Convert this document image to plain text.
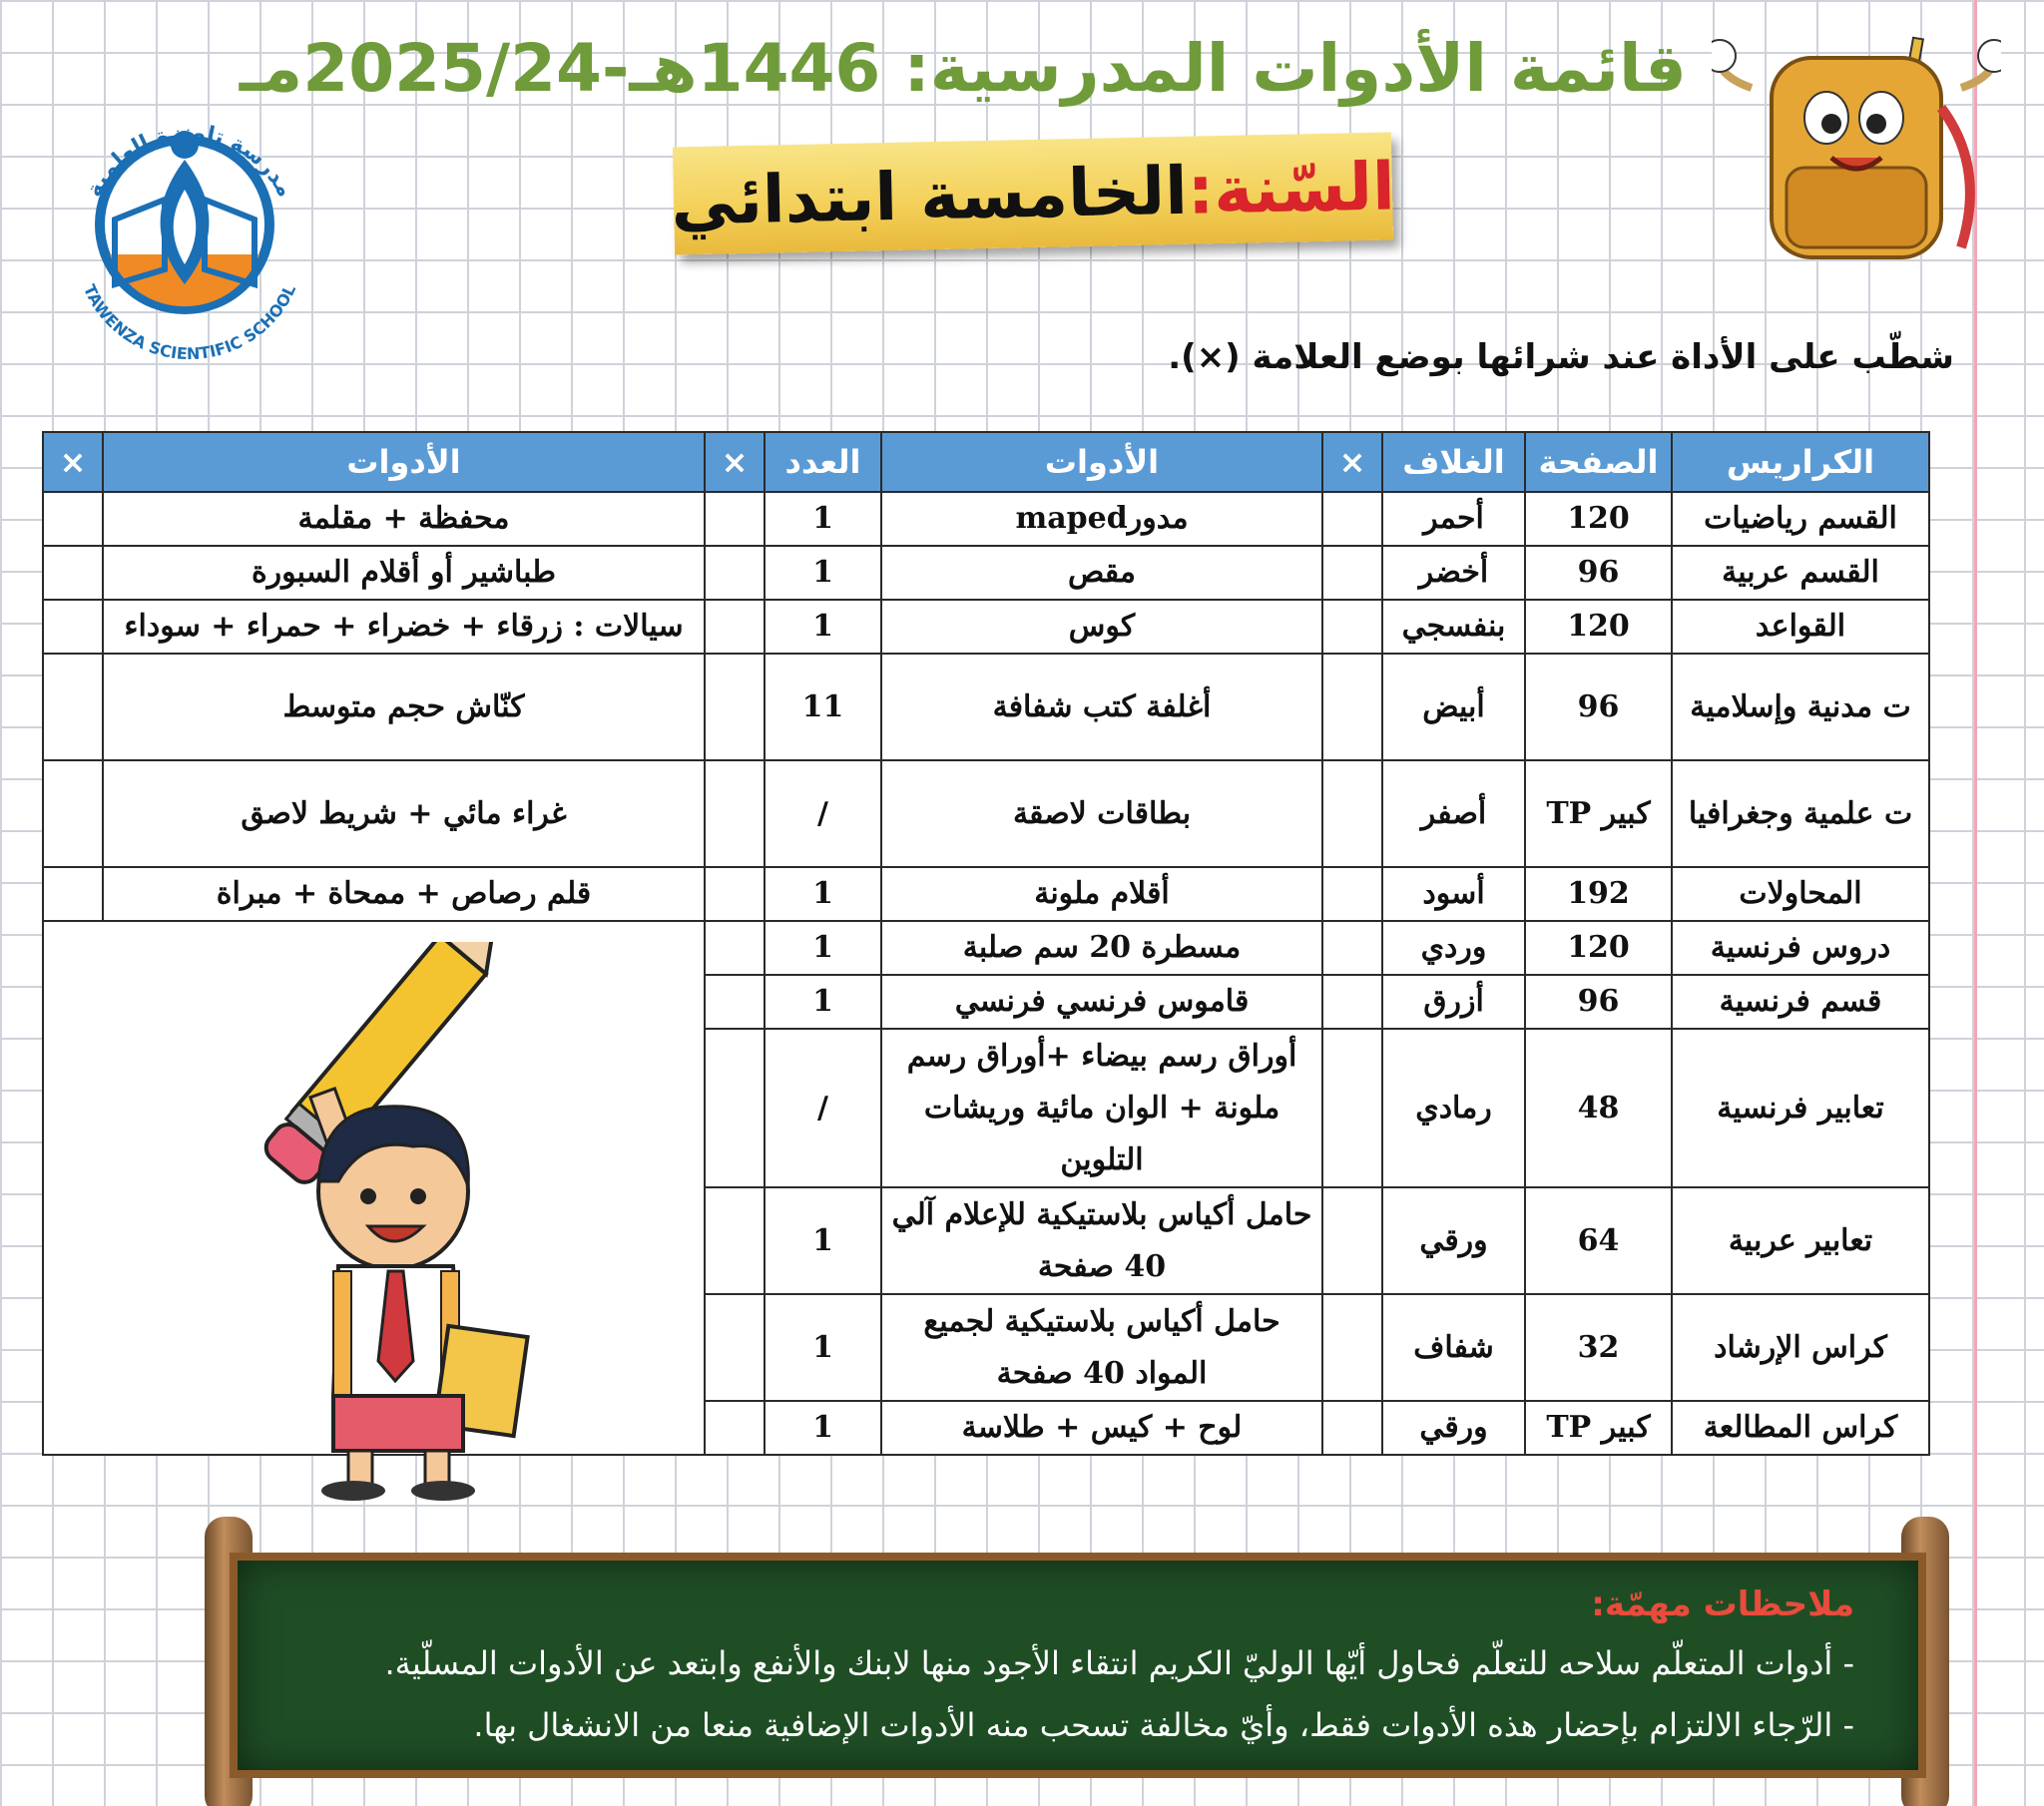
قائمة الأدوات المدرسية: 1446هـ-2025/24مـ
السّنة:
الخامسة ابتدائي
مدرسة تاونزة العلمية
TAWENZA SCIENTIFIC SCHOOL
شطّب على الأداة عند شرائها بوضع العلامة (×).
الكراريس	الصفحة	الغلاف	×	الأدوات	العدد	×	الأدوات	×
القسم رياضيات	120	أحمر		مدورmaped	1		محفظة + مقلمة	
القسم عربية	96	أخضر		مقص	1		طباشير أو أقلام السبورة	
القواعد	120	بنفسجي		كوس	1		سيالات : زرقاء + خضراء + حمراء + سوداء	
ت مدنية وإسلامية	96	أبيض		أغلفة كتب شفافة	11		كنّاش حجم متوسط	
ت علمية وجغرافيا	كبير TP	أصفر		بطاقات لاصقة	/		غراء مائي + شريط لاصق	
المحاولات	192	أسود		أقلام ملونة	1		قلم رصاص + ممحاة + مبراة	
دروس فرنسية	120	وردي		مسطرة 20 سم صلبة	1		

قسم فرنسية	96	أزرق		قاموس فرنسي فرنسي	1			
تعابير فرنسية	48	رمادي		أوراق رسم بيضاء +أوراق رسم ملونة + الوان مائية وريشات التلوين	/			
تعابير عربية	64	ورقي		حامل أكياس بلاستيكية للإعلام آلي 40 صفحة	1			
كراس الإرشاد	32	شفاف		حامل أكياس بلاستيكية لجميع المواد 40 صفحة	1			
كراس المطالعة	كبير TP	ورقي		لوح + كيس + طلاسة	1			
ملاحظات مهمّة:
- أدوات المتعلّم سلاحه للتعلّم فحاول أيّها الوليّ الكريم انتقاء الأجود منها لابنك والأنفع وابتعد عن الأدوات المسلّية.
- الرّجاء الالتزام بإحضار هذه الأدوات فقط، وأيّ مخالفة تسحب منه الأدوات الإضافية منعا من الانشغال بها.
